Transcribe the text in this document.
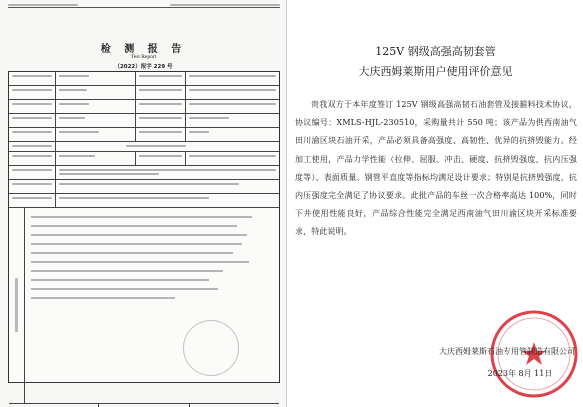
检 测 报 告
Test Report
（2022）报字 229 号
125V 钢级高强高韧套管
大庆西姆莱斯用户使用评价意见
贵我双方于本年度签订 125V 钢级高强高韧石油套管及接箍料技术协议，协议编号：XMLS-HJL-230510，采购量共计 550 吨；该产品为供西南油气田川渝区块石油开采，产品必须具备高强度、高韧性、优异的抗挤毁能力。经加工使用，产品力学性能（拉伸、屈服、冲击、硬度、抗挤毁强度，抗内压强度等）、表面质量、钢管平直度等指标均满足设计要求；特别是抗挤毁强度，抗内压强度完全满足了协议要求。此批产品的车丝一次合格率高达 100%，同时下井使用性能良好，产品综合性能完全满足西南油气田川渝区块开采标准要求，特此说明。
大庆西姆莱斯石油专用管制造有限公司
2023年 8月 11日
